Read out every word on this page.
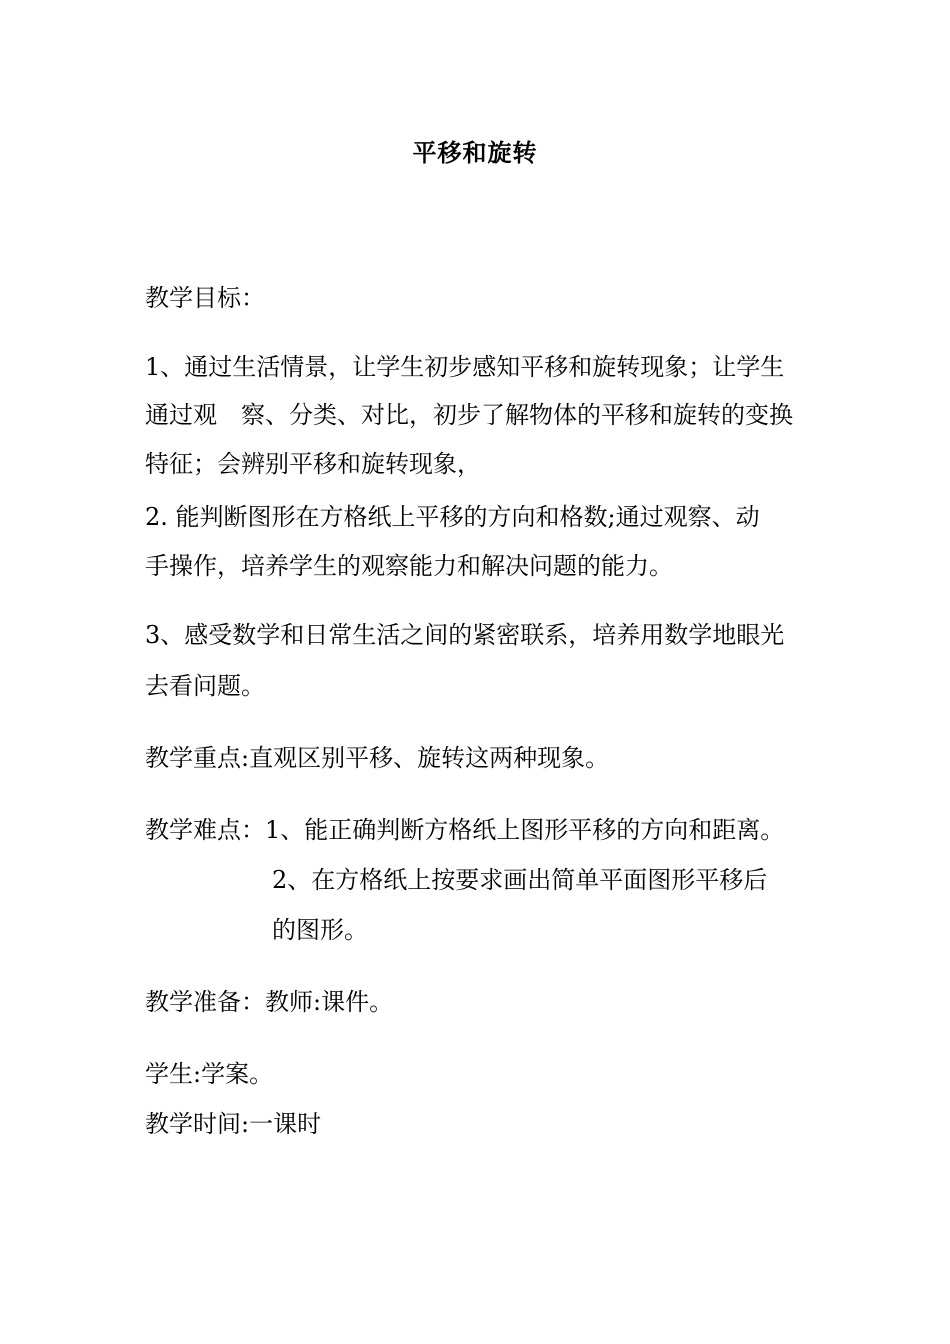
平移和旋转
教学目标：
1、通过生活情景，让学生初步感知平移和旋转现象；让学生
通过观　察、分类、对比，初步了解物体的平移和旋转的变换
特征；会辨别平移和旋转现象，
2. 能判断图形在方格纸上平移的方向和格数;通过观察、动
手操作，培养学生的观察能力和解决问题的能力。
3、感受数学和日常生活之间的紧密联系，培养用数学地眼光
去看问题。
教学重点:直观区别平移、旋转这两种现象。
教学难点：1、能正确判断方格纸上图形平移的方向和距离。
2、在方格纸上按要求画出简单平面图形平移后
的图形。
教学准备：教师:课件。
学生:学案。
教学时间:一课时
